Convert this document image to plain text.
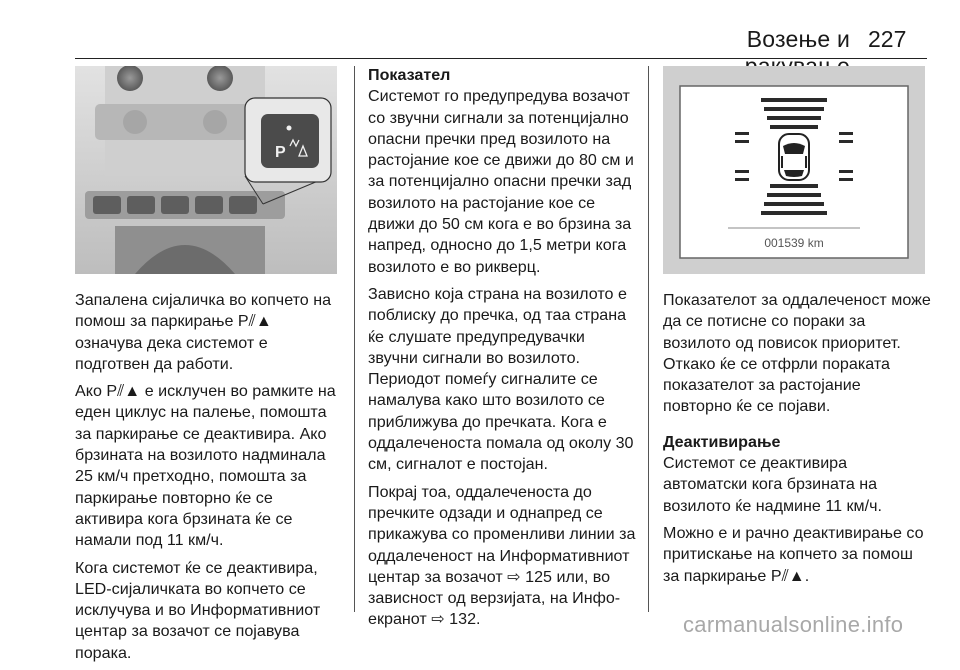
Возење и 227
P
001539 km

Запалена сијаличка во копчето на помош за паркирање P⫽▲ означува дека системот е подготвен да работи.

Ако P⫽▲ е исклучен во рамките на еден циклус на палење, помошта за паркирање се деактивира. Ако брзината на возилото надминала 25 км/ч претходно, помошта за паркирање повторно ќе се активира кога брзината ќе се намали под 11 км/ч.

Кога системот ќе се деактивира, LED-сијаличката во копчето се исклучува и во Информативниот центар за возачот се појавува порака.

Показател

Системот го предупредува возачот со звучни сигнали за потенцијално опасни пречки пред возилото на растојание кое се движи до 80 см и за потенцијално опасни пречки зад возилото на растојание кое се движи до 50 см кога е во брзина за напред, односно до 1,5 метри кога возилото е во рикверц.

Зависно која страна на возилото е поблиску до пречка, од таа страна ќе слушате предупредувачки звучни сигнали во возилото. Периодот помеѓу сигналите се намалува како што возилото се приближува до пречката. Кога е оддалеченоста помала од околу 30 см, сигналот е постојан.

Покрај тоа, оддалеченоста до пречките одзади и однапред се прикажува со променливи линии за оддалеченост на Информативниот центар за возачот ⇨ 125 или, во зависност од верзијата, на Инфо-екранот ⇨ 132.

Показателот за оддалеченост може да се потисне со пораки за возилото од повисок приоритет. Откако ќе се отфрли пораката показателот за растојание повторно ќе се појави.

Деактивирање

Системот се деактивира автоматски кога брзината на возилото ќе надмине 11 км/ч.

Можно е и рачно деактивирање со притискање на копчето за помош за паркирање P⫽▲.

carmanualsonline.info
